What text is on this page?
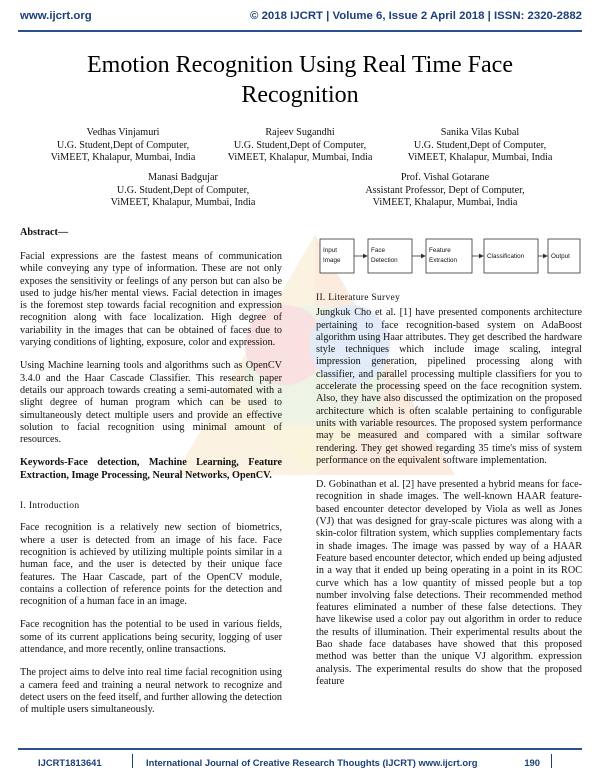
www.ijcrt.org	© 2018 IJCRT | Volume 6, Issue 2 April 2018 | ISSN: 2320-2882
Emotion Recognition Using Real Time Face Recognition
Vedhas Vinjamuri
U.G. Student,Dept of Computer,
ViMEET, Khalapur, Mumbai, India
Rajeev Sugandhi
U.G. Student,Dept of Computer,
ViMEET, Khalapur, Mumbai, India
Sanika Vilas Kubal
U.G. Student,Dept of Computer,
ViMEET, Khalapur, Mumbai, India
Manasi Badgujar
U.G. Student,Dept of Computer,
ViMEET, Khalapur, Mumbai, India
Prof. Vishal Gotarane
Assistant Professor, Dept of Computer,
ViMEET, Khalapur, Mumbai, India
Abstract—

Facial expressions are the fastest means of communication while conveying any type of information. These are not only exposes the sensitivity or feelings of any person but can also be used to judge his/her mental views. Facial detection in images is the foremost step towards facial recognition and expression recognition along with face localization. High degree of variability in the images that can be obtained of faces due to varying conditions of lighting, exposure, color and expression.

Using Machine learning tools and algorithms such as OpenCV 3.4.0 and the Haar Cascade Classifier. This research paper details our approach towards creating a semi-automated with a slight degree of human program which can be used to simultaneously detect multiple users and provide an effective solution to facial recognition using minimal amount of resources.

Keywords-Face detection, Machine Learning, Feature Extraction, Image Processing, Neural Networks, OpenCV.

I. Introduction

Face recognition is a relatively new section of biometrics, where a user is detected from an image of his face. Face recognition is achieved by utilizing multiple points similar in a human face, and the user is detected by their unique face features. The Haar Cascade, part of the OpenCV module, contains a collection of reference points for the detection and recognition of a human face in an image.

Face recognition has the potential to be used in various fields, some of its current applications being security, logging of user attendance, and more recently, online transactions.

The project aims to delve into real time facial recognition using a camera feed and training a neural network to recognize and detect users on the feed itself, and further allowing the detection of multiple users simultaneously.

Input
Image
Face
Detection
Feature
Extraction
Classification	Output

II. Literature Survey

Jungkuk Cho et al. [1] have presented components architecture pertaining to face recognition-based system on AdaBoost algorithm using Haar attributes. They get described the hardware style techniques which include image scaling, integral impression generation, pipelined processing along with classifier, and parallel processing multiple classifiers for you to accelerate the processing speed on the face recognition system. Also, they have also discussed the optimization on the proposed architecture which is often scalable pertaining to configurable units with variable resources. The proposed system performance may be measured and compared with a similar software rendering. They get showed regarding 35 time's miss of system performance on the equivalent software implementation.

D. Gobinathan et al. [2] have presented a hybrid means for face-recognition in shade images. The well-known HAAR feature-based encounter detector developed by Viola as well as Jones (VJ) that was designed for gray-scale pictures was along with a skin-color filtration system, which supplies complementary facts in shade images. The image was passed by way of a HAAR Feature based encounter detector, which ended up being adjusted in a way that it ended up being operating in a point in its ROC curve which has a low quantity of missed people but a top number involving false detections. Their recommended method features eliminated a number of these false detections. They have likewise used a color pay out algorithm in order to reduce the results of illumination. Their experimental results about the Bao shade face databases have showed that this proposed method was better than the unique VJ algorithm. expression analysis. The experimental results do show that the proposed feature

IJCRT1813641	International Journal of Creative Research Thoughts (IJCRT) www.ijcrt.org	190
